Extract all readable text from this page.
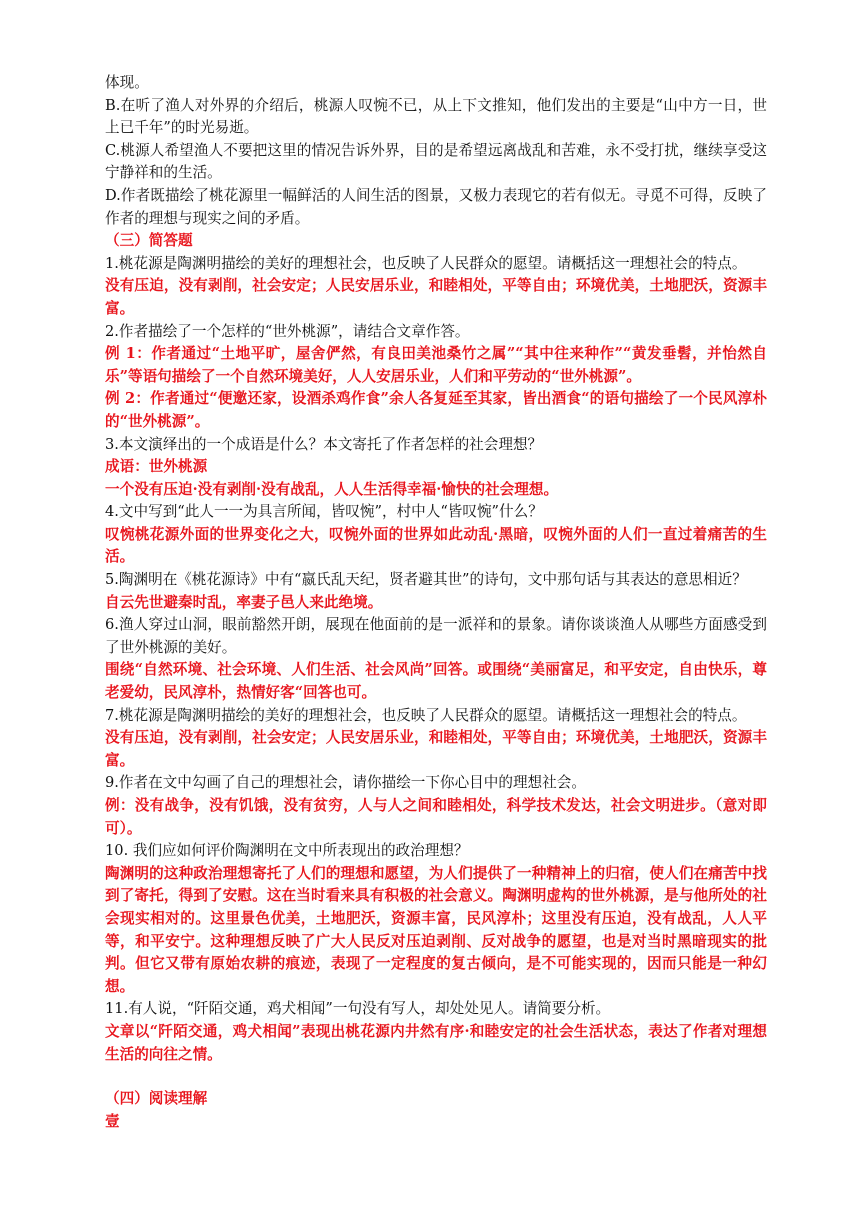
体现。

B.在听了渔人对外界的介绍后，桃源人叹惋不已，从上下文推知，他们发出的主要是“山中方一日，世上已千年”的时光易逝。

C.桃源人希望渔人不要把这里的情况告诉外界，目的是希望远离战乱和苦难，永不受打扰，继续享受这宁静祥和的生活。

D.作者既描绘了桃花源里一幅鲜活的人间生活的图景，又极力表现它的若有似无。寻觅不可得，反映了作者的理想与现实之间的矛盾。

（三）简答题

1.桃花源是陶渊明描绘的美好的理想社会，也反映了人民群众的愿望。请概括这一理想社会的特点。

没有压迫，没有剥削，社会安定；人民安居乐业，和睦相处，平等自由；环境优美，土地肥沃，资源丰富。

2.作者描绘了一个怎样的“世外桃源”，请结合文章作答。

例 1：作者通过“土地平旷，屋舍俨然，有良田美池桑竹之属”“其中往来种作”“黄发垂髫，并怡然自乐”等语句描绘了一个自然环境美好，人人安居乐业，人们和平劳动的“世外桃源”。

例 2：作者通过“便邀还家，设酒杀鸡作食”余人各复延至其家，皆出酒食“的语句描绘了一个民风淳朴的“世外桃源”。

3.本文演绎出的一个成语是什么？本文寄托了作者怎样的社会理想？

成语：世外桃源

一个没有压迫·没有剥削·没有战乱，人人生活得幸福·愉快的社会理想。

4.文中写到“此人一一为具言所闻，皆叹惋”，村中人“皆叹惋”什么？

叹惋桃花源外面的世界变化之大，叹惋外面的世界如此动乱·黑暗，叹惋外面的人们一直过着痛苦的生活。

5.陶渊明在《桃花源诗》中有“嬴氏乱天纪，贤者避其世”的诗句，文中那句话与其表达的意思相近？

自云先世避秦时乱，率妻子邑人来此绝境。

6.渔人穿过山洞，眼前豁然开朗，展现在他面前的是一派祥和的景象。请你谈谈渔人从哪些方面感受到了世外桃源的美好。

围绕“自然环境、社会环境、人们生活、社会风尚”回答。或围绕“美丽富足，和平安定，自由快乐，尊老爱幼，民风淳朴，热情好客“回答也可。

7.桃花源是陶渊明描绘的美好的理想社会，也反映了人民群众的愿望。请概括这一理想社会的特点。

没有压迫，没有剥削，社会安定；人民安居乐业，和睦相处，平等自由；环境优美，土地肥沃，资源丰富。

9.作者在文中勾画了自己的理想社会，请你描绘一下你心目中的理想社会。

例：没有战争，没有饥饿，没有贫穷，人与人之间和睦相处，科学技术发达，社会文明进步。（意对即可）。

10. 我们应如何评价陶渊明在文中所表现出的政治理想？

陶渊明的这种政治理想寄托了人们的理想和愿望，为人们提供了一种精神上的归宿，使人们在痛苦中找到了寄托，得到了安慰。这在当时看来具有积极的社会意义。陶渊明虚构的世外桃源，是与他所处的社会现实相对的。这里景色优美，土地肥沃，资源丰富，民风淳朴；这里没有压迫，没有战乱，人人平等，和平安宁。这种理想反映了广大人民反对压迫剥削、反对战争的愿望，也是对当时黑暗现实的批判。但它又带有原始农耕的痕迹，表现了一定程度的复古倾向，是不可能实现的，因而只能是一种幻想。

11.有人说，“阡陌交通，鸡犬相闻”一句没有写人，却处处见人。请简要分析。

文章以“阡陌交通，鸡犬相闻”表现出桃花源内井然有序·和睦安定的社会生活状态，表达了作者对理想生活的向往之情。

（四）阅读理解

壹
